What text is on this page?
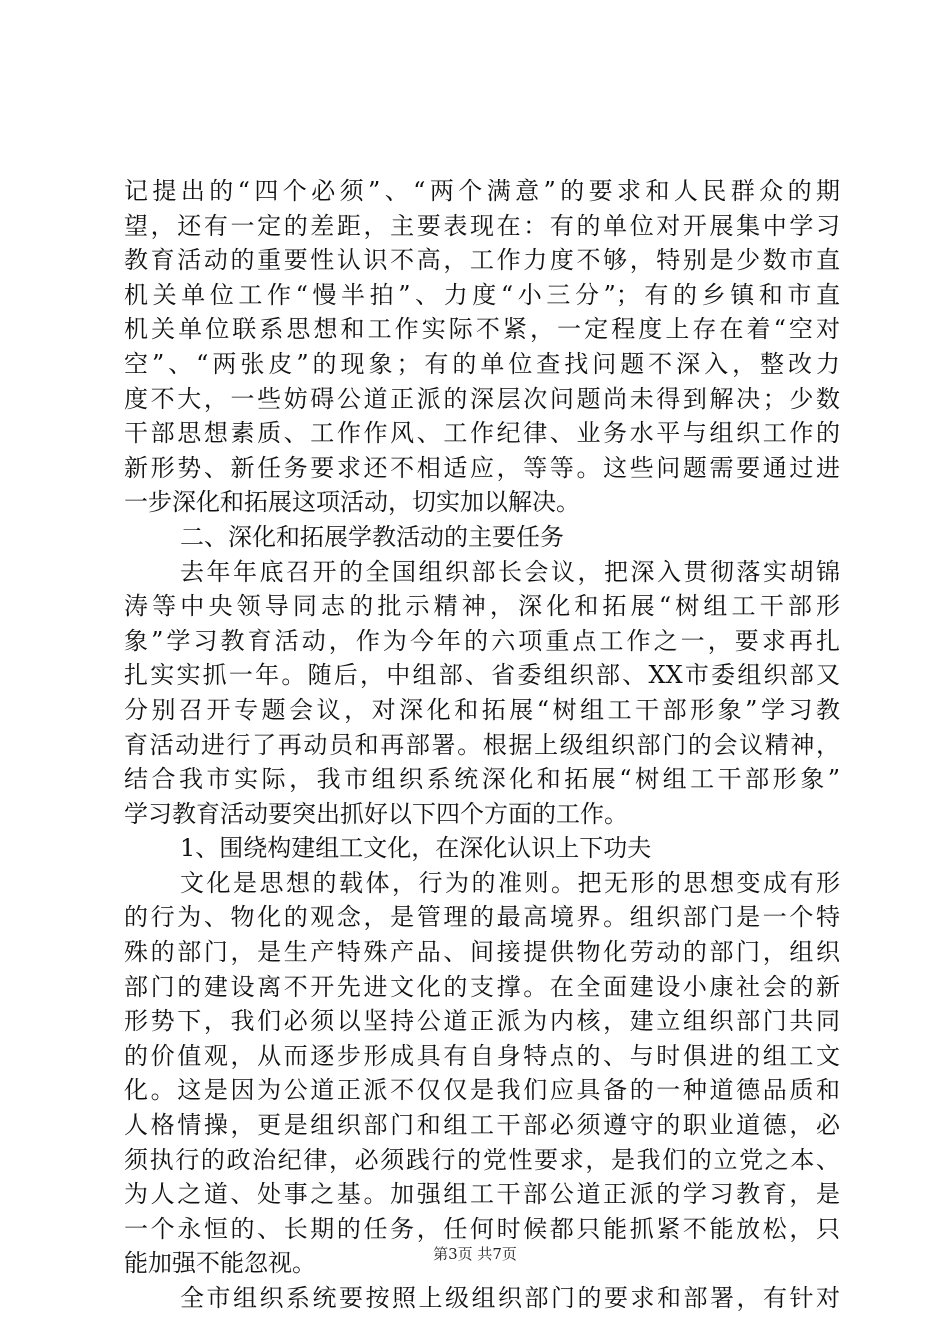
记提出的“四个必须”、“两个满意”的要求和人民群众的期
望，还有一定的差距，主要表现在：有的单位对开展集中学习
教育活动的重要性认识不高，工作力度不够，特别是少数市直
机关单位工作“慢半拍”、力度“小三分”；有的乡镇和市直
机关单位联系思想和工作实际不紧，一定程度上存在着“空对
空”、“两张皮”的现象；有的单位查找问题不深入，整改力
度不大，一些妨碍公道正派的深层次问题尚未得到解决；少数
干部思想素质、工作作风、工作纪律、业务水平与组织工作的
新形势、新任务要求还不相适应，等等。这些问题需要通过进
一步深化和拓展这项活动，切实加以解决。
二、深化和拓展学教活动的主要任务
去年年底召开的全国组织部长会议，把深入贯彻落实胡锦
涛等中央领导同志的批示精神，深化和拓展“树组工干部形
象”学习教育活动，作为今年的六项重点工作之一，要求再扎
扎实实抓一年。随后，中组部、省委组织部、XX市委组织部又
分别召开专题会议，对深化和拓展“树组工干部形象”学习教
育活动进行了再动员和再部署。根据上级组织部门的会议精神，
结合我市实际，我市组织系统深化和拓展“树组工干部形象”
学习教育活动要突出抓好以下四个方面的工作。
1、围绕构建组工文化，在深化认识上下功夫
文化是思想的载体，行为的准则。把无形的思想变成有形
的行为、物化的观念，是管理的最高境界。组织部门是一个特
殊的部门，是生产特殊产品、间接提供物化劳动的部门，组织
部门的建设离不开先进文化的支撑。在全面建设小康社会的新
形势下，我们必须以坚持公道正派为内核，建立组织部门共同
的价值观，从而逐步形成具有自身特点的、与时俱进的组工文
化。这是因为公道正派不仅仅是我们应具备的一种道德品质和
人格情操，更是组织部门和组工干部必须遵守的职业道德，必
须执行的政治纪律，必须践行的党性要求，是我们的立党之本、
为人之道、处事之基。加强组工干部公道正派的学习教育，是
一个永恒的、长期的任务，任何时候都只能抓紧不能放松，只
能加强不能忽视。
全市组织系统要按照上级组织部门的要求和部署，有针对
第3页 共7页
